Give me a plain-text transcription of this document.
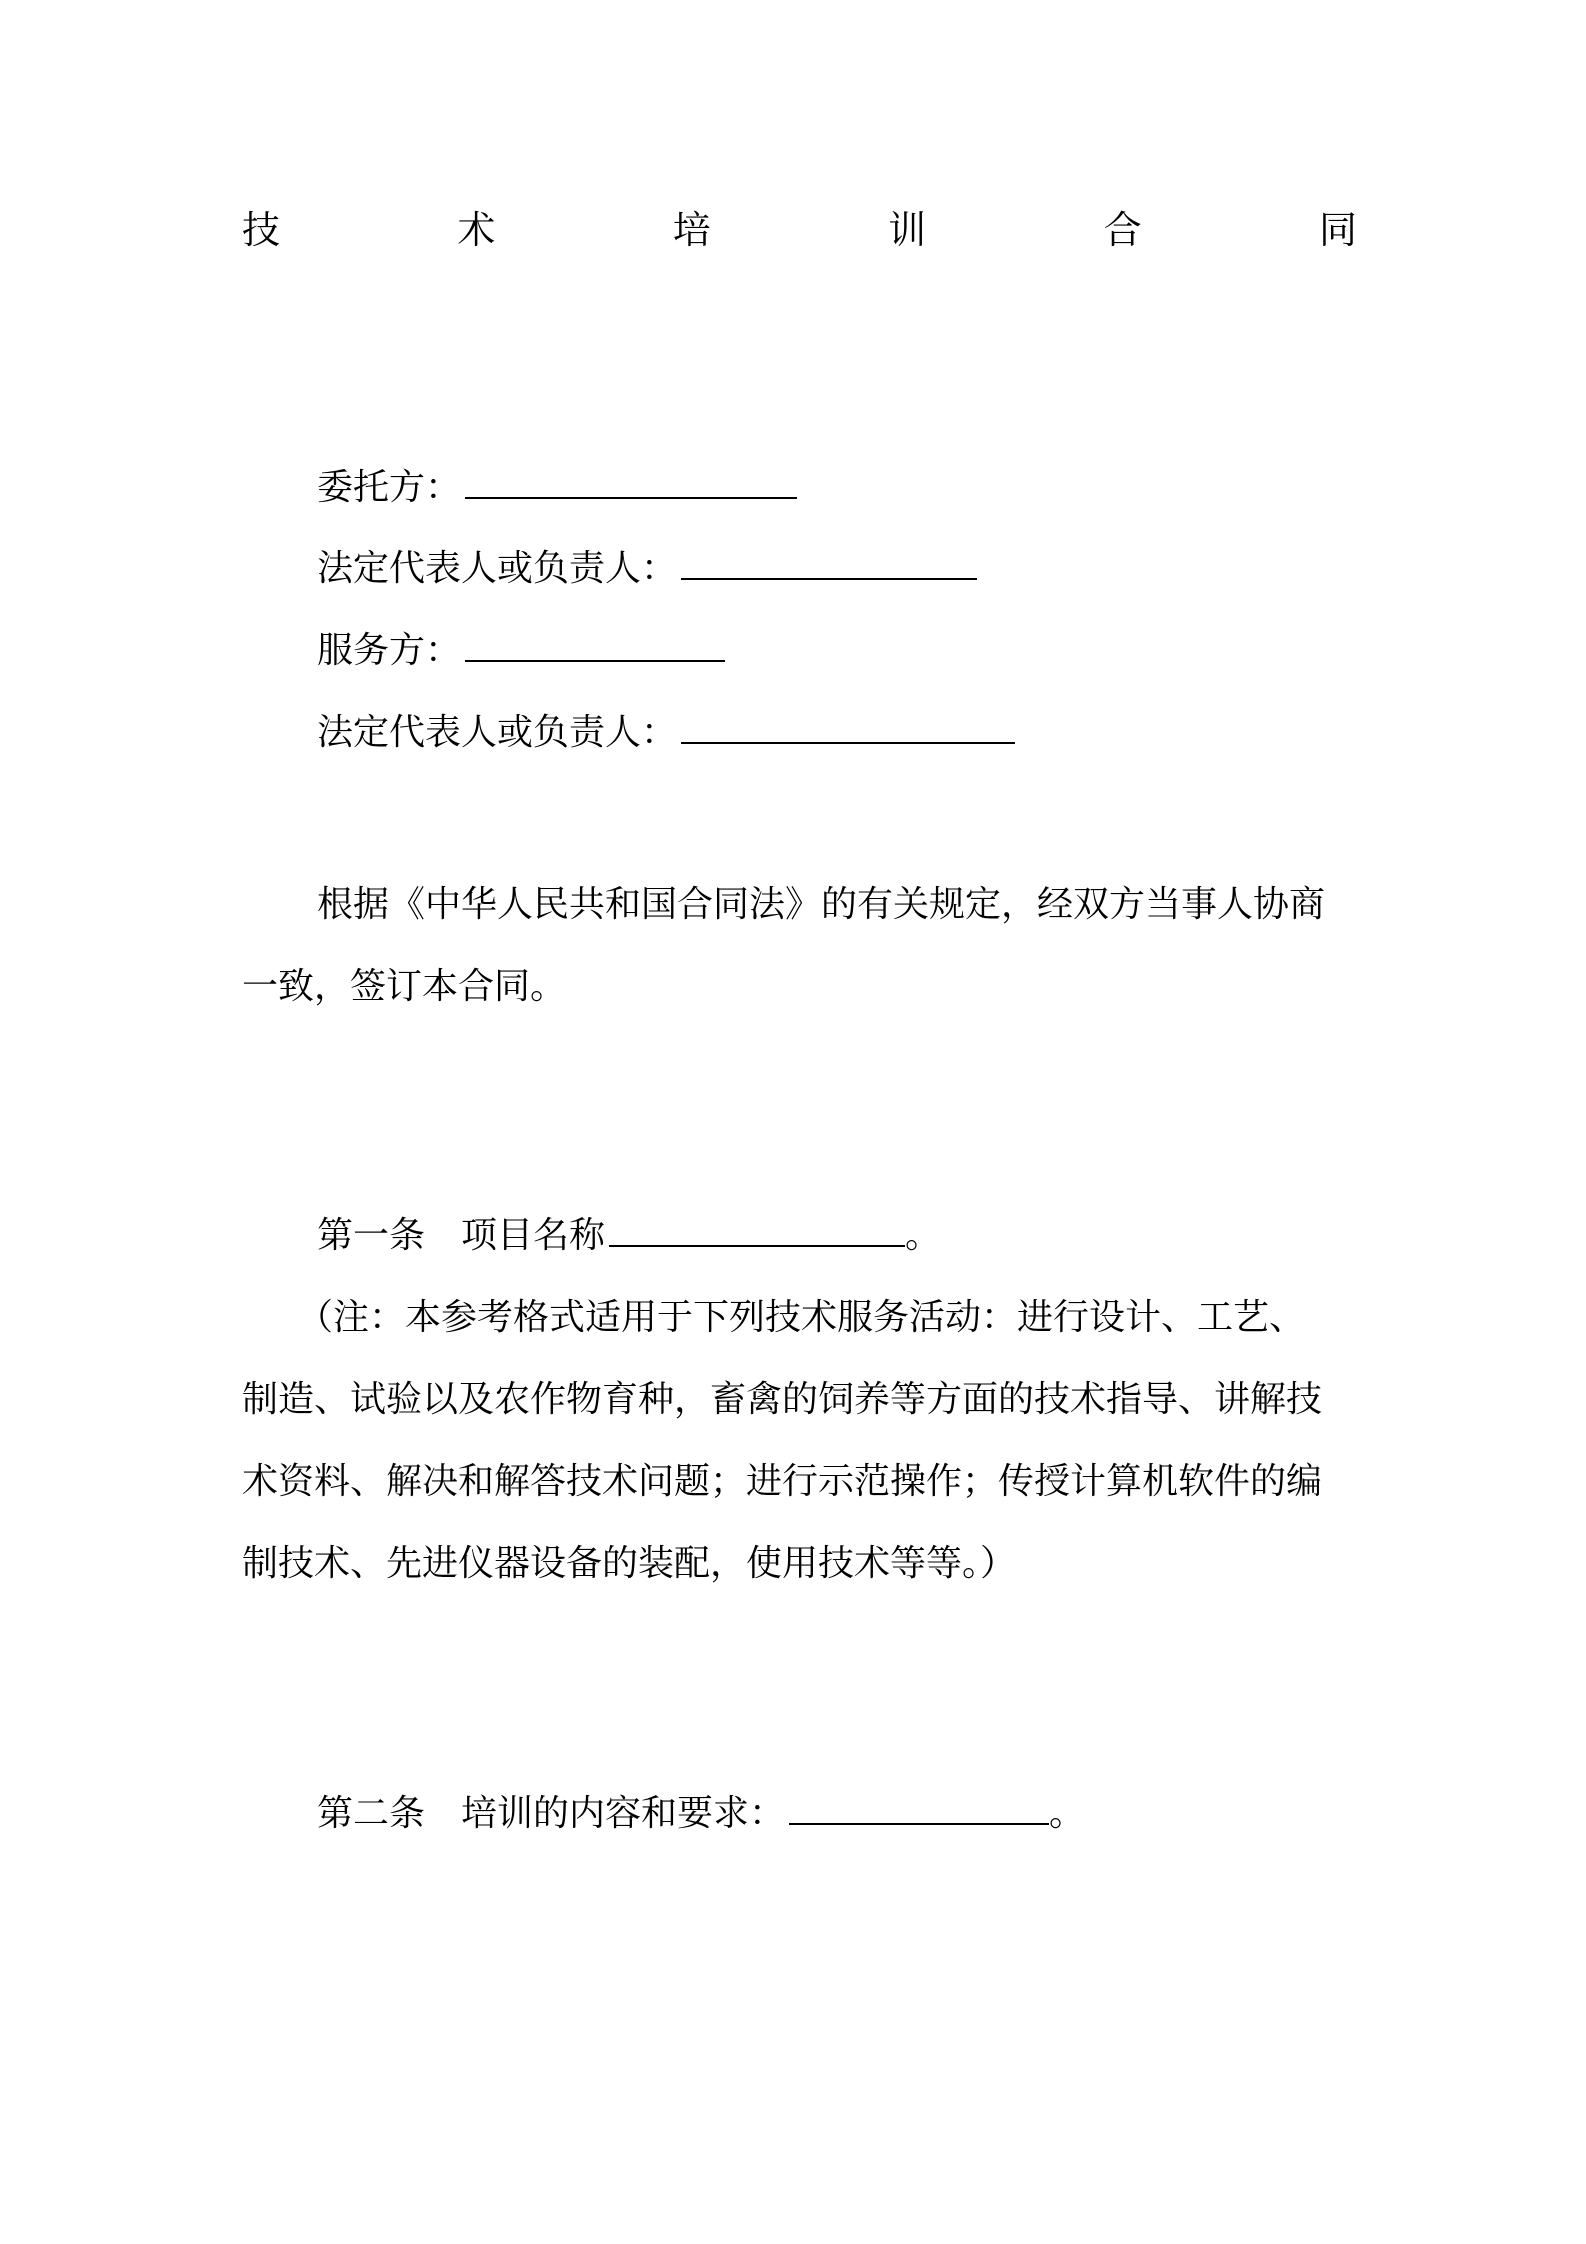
技	术	培	训	合	同
委托方：
法定代表人或负责人：
服务方：
法定代表人或负责人：
根据《中华人民共和国合同法》的有关规定，经双方当事人协商
一致，签订本合同。
第一条 项目名称	。
（注：本参考格式适用于下列技术服务活动：进行设计、工艺、
制造、试验以及农作物育种，畜禽的饲养等方面的技术指导、讲解技
术资料、解决和解答技术问题；进行示范操作；传授计算机软件的编
制技术、先进仪器设备的装配，使用技术等等。）
第二条 培训的内容和要求：	。
